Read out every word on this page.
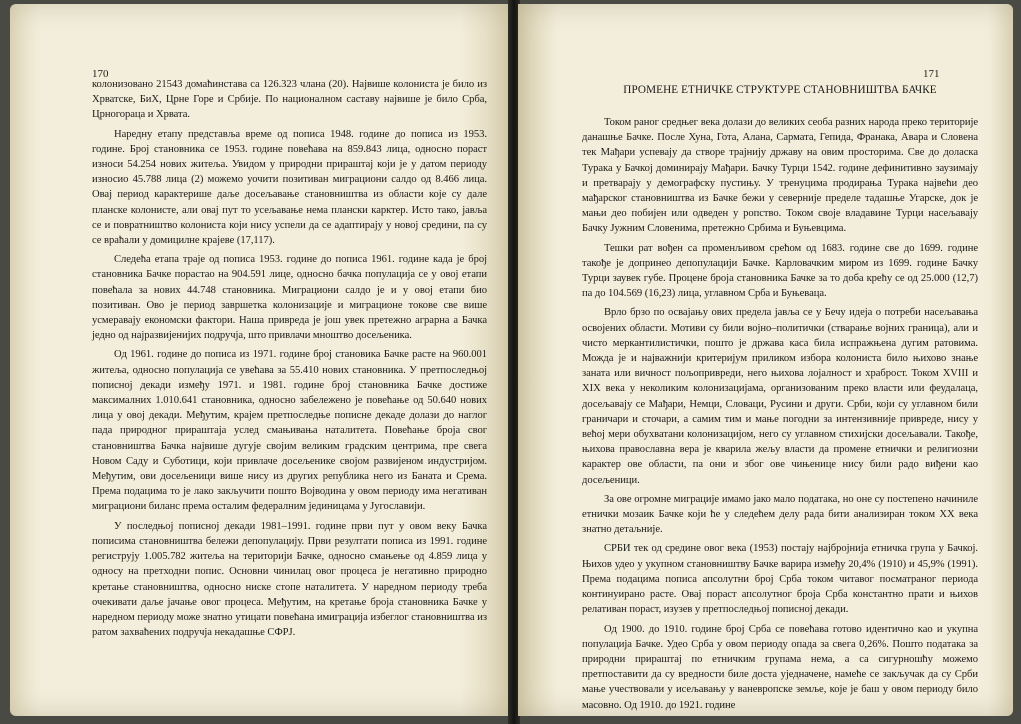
170

колонизовано 21543 домаћинстава са 126.323 члана (20). Највише колониста је било из Хрватске, БиХ, Црне Горе и Србије. По националном саставу највише је било Срба, Црногораца и Хрвата.

Наредну етапу представља време од пописа 1948. године до пописа из 1953. године. Број становника се 1953. године повећава на 859.843 лица, односно пораст износи 54.254 нових житеља. Увидом у природни прираштај који је у датом периоду износио 45.788 лица (2) можемо уочити позитиван миграциони салдо од 8.466 лица. Овај период карактерише даље досељавање становништва из области које су дале планске колонисте, али овај пут то усељавање нема плански карктер. Исто тако, јавља се и повратништво колониста који нису успели да се адаптирају у новој средини, па су се враћали у домицилне крајеве (17,117).

Следећа етапа траје од пописа 1953. године до пописа 1961. године када је број становника Бачке порастао на 904.591 лице, односно бачка популација се у овој етапи повећала за нових 44.748 становника. Миграциони салдо је и у овој етапи био позитиван. Ово је период завршетка колонизације и миграционе токове све више усмеравају економски фактори. Наша привреда је још увек претежно аграрна а Бачка једно од најразвијенијих подручја, што привлачи мноштво досељеника.

Од 1961. године до пописа из 1971. године број становика Бачке расте на 960.001 житеља, односно популација се увећава за 55.410 нових становника. У претпоследњој пописној декади између 1971. и 1981. године број становника Бачке достиже максималних 1.010.641 становника, односно забележено је повећање од 50.640 нових лица у овој декади. Међутим, крајем претпоследње пописне декаде долази до наглог пада природног прираштаја услед смањивања наталитета. Повећање броја свог становништва Бачка највише дугује својим великим градским центрима, пре свега Новом Саду и Суботици, који привлаче досељенике својом развијеном индустријом. Међутим, ови досељеници више нису из других република него из Баната и Срема. Према подацима то је лако закључити пошто Војводина у овом периоду има негативан миграциони биланс према осталим федералним јединицама у Југославији.

У последњој пописној декади 1981–1991. године први пут у овом веку Бачка пописима становништва бележи депопулацију. Први резултати пописа из 1991. године региструју 1.005.782 житеља на територији Бачке, односно смањење од 4.859 лица у односу на претходни попис. Основни чинилац овог процеса је негативно природно кретање становништва, односно ниске стопе наталитета. У наредном периоду треба очекивати даље јачање овог процеса. Међутим, на кретање броја становника Бачке у наредном периоду може знатно утицати повећана имиграција избеглог становништва из ратом захваћених подручја некадашње СФРЈ.

171
ПРОМЕНЕ ЕТНИЧКЕ СТРУКТУРЕ СТАНОВНИШТВА БАЧКЕ

Током раног средњег века долази до великих сеоба разних народа преко територије данашње Бачке. После Хуна, Гота, Алана, Сармата, Гепида, Франака, Авара и Словена тек Мађари успевају да створе трајнију државу на овим просторима. Све до доласка Турака у Бачкој доминирају Мађари. Бачку Турци 1542. године дефинитивно заузимају и претварају у демографску пустињу. У тренуцима продирања Турака највећи део мађарског становништва из Бачке бежи у северније пределе тадашње Угарске, док је мањи део побијен или одведен у ропство. Током своје владавине Турци насељавају Бачку Јужним Словенима, претежно Србима и Буњевцима.

Тешки рат вођен са променљивом срећом од 1683. године све до 1699. године такође је допринео депопулацији Бачке. Карловачким миром из 1699. године Бачку Турци заувек губе. Процене броја становника Бачке за то доба крећу се од 25.000 (12,7) па до 104.569 (16,23) лица, углавном Срба и Буњеваца.

Врло брзо по освајању ових предела јавља се у Бечу идеја о потреби насељавања освојених области. Мотиви су били војно–политички (стварање војних граница), али и чисто меркантилистички, пошто је држава каса била испражњена дугим ратовима. Можда је и најважнији критеријум приликом избора колониста било њихово знање заната или вичност пољопривреди, него њихова лојалност и храброст. Током XVIII и XIX века у неколиким колонизацијама, организованим преко власти или феудалаца, досељавају се Мађари, Немци, Словаци, Русини и други. Срби, који су углавном били граничари и сточари, а самим тим и мање погодни за интензивније привреде, нису у већој мери обухватани колонизацијом, него су углавном стихијски досељавали. Такође, њихова православна вера је кварила жељу власти да промене етнички и религиозни карактер ове области, па они и због ове чињенице нису били радо виђени као досељеници.

За ове огромне миграције имамо јако мало података, но оне су постепено начиниле етнички мозаик Бачке који ће у следећем делу рада бити анализиран током XX века знатно детаљније.

СРБИ тек од средине овог века (1953) постају најбројнија етничка група у Бачкој. Њихов удео у укупном становништву Бачке варира између 20,4% (1910) и 45,9% (1991). Према подацима пописа апсолутни број Срба током читавог посматраног периода континуирано расте. Овај пораст апсолутног броја Срба константно прати и њихов релативан пораст, изузев у претпоследњој пописној декади.

Од 1900. до 1910. године број Срба се повећава готово идентично као и укупна популација Бачке. Удео Срба у овом периоду опада за свега 0,26%. Пошто података за природни прираштај по етничким групама нема, а са сигурношћу можемо претпоставити да су вредности биле доста уједначене, намеће се закључак да су Срби мање учествовали у исељавању у ваневропске земље, које је баш у овом периоду било масовно. Од 1910. до 1921. године
